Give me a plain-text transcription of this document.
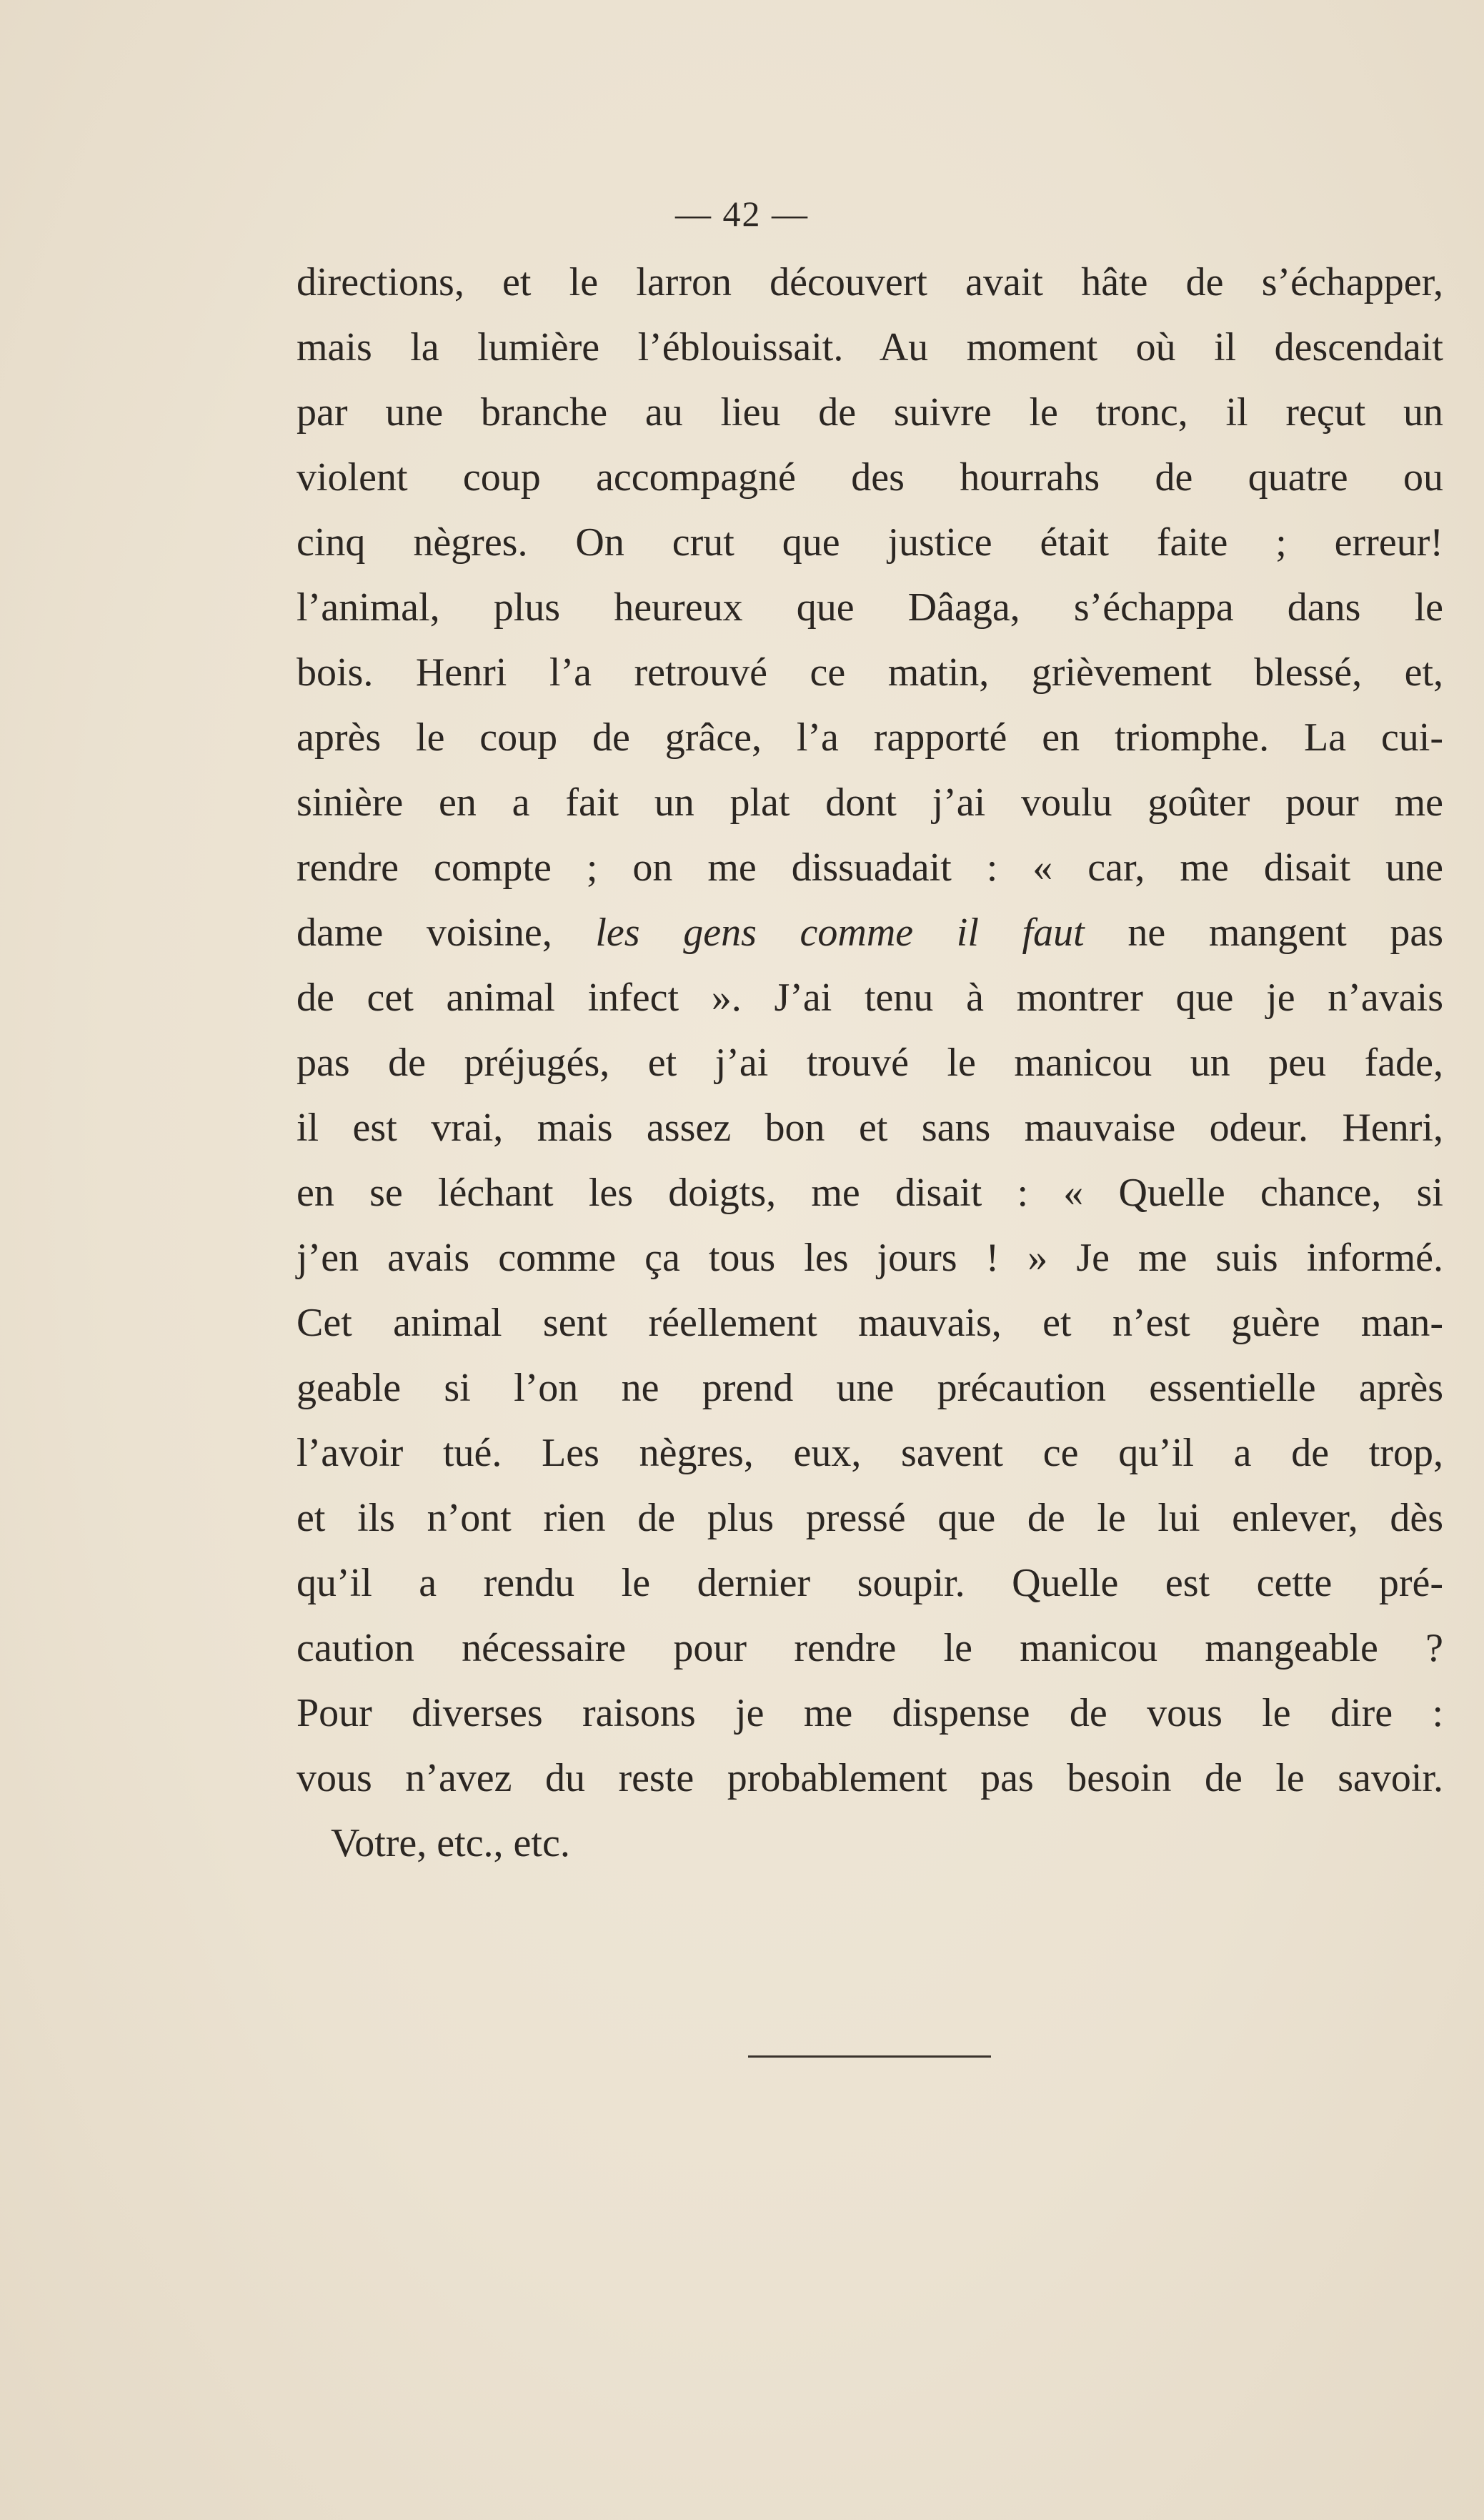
— 42 —
directions, et le larron découvert avait hâte de s’échapper,
mais la lumière l’éblouissait. Au moment où il descendait
par une branche au lieu de suivre le tronc, il reçut un
violent coup accompagné des hourrahs de quatre ou
cinq nègres. On crut que justice était faite ; erreur!
l’animal, plus heureux que Dâaga, s’échappa dans le
bois. Henri l’a retrouvé ce matin, grièvement blessé, et,
après le coup de grâce, l’a rapporté en triomphe. La cui-
sinière en a fait un plat dont j’ai voulu goûter pour me
rendre compte ; on me dissuadait : « car, me disait une
dame voisine, les gens comme il faut ne mangent pas
de cet animal infect ». J’ai tenu à montrer que je n’avais
pas de préjugés, et j’ai trouvé le manicou un peu fade,
il est vrai, mais assez bon et sans mauvaise odeur. Henri,
en se léchant les doigts, me disait : « Quelle chance, si
j’en avais comme ça tous les jours ! » Je me suis informé.
Cet animal sent réellement mauvais, et n’est guère man-
geable si l’on ne prend une précaution essentielle après
l’avoir tué. Les nègres, eux, savent ce qu’il a de trop,
et ils n’ont rien de plus pressé que de le lui enlever, dès
qu’il a rendu le dernier soupir. Quelle est cette pré-
caution nécessaire pour rendre le manicou mangeable ?
Pour diverses raisons je me dispense de vous le dire :
vous n’avez du reste probablement pas besoin de le savoir.
Votre, etc., etc.
